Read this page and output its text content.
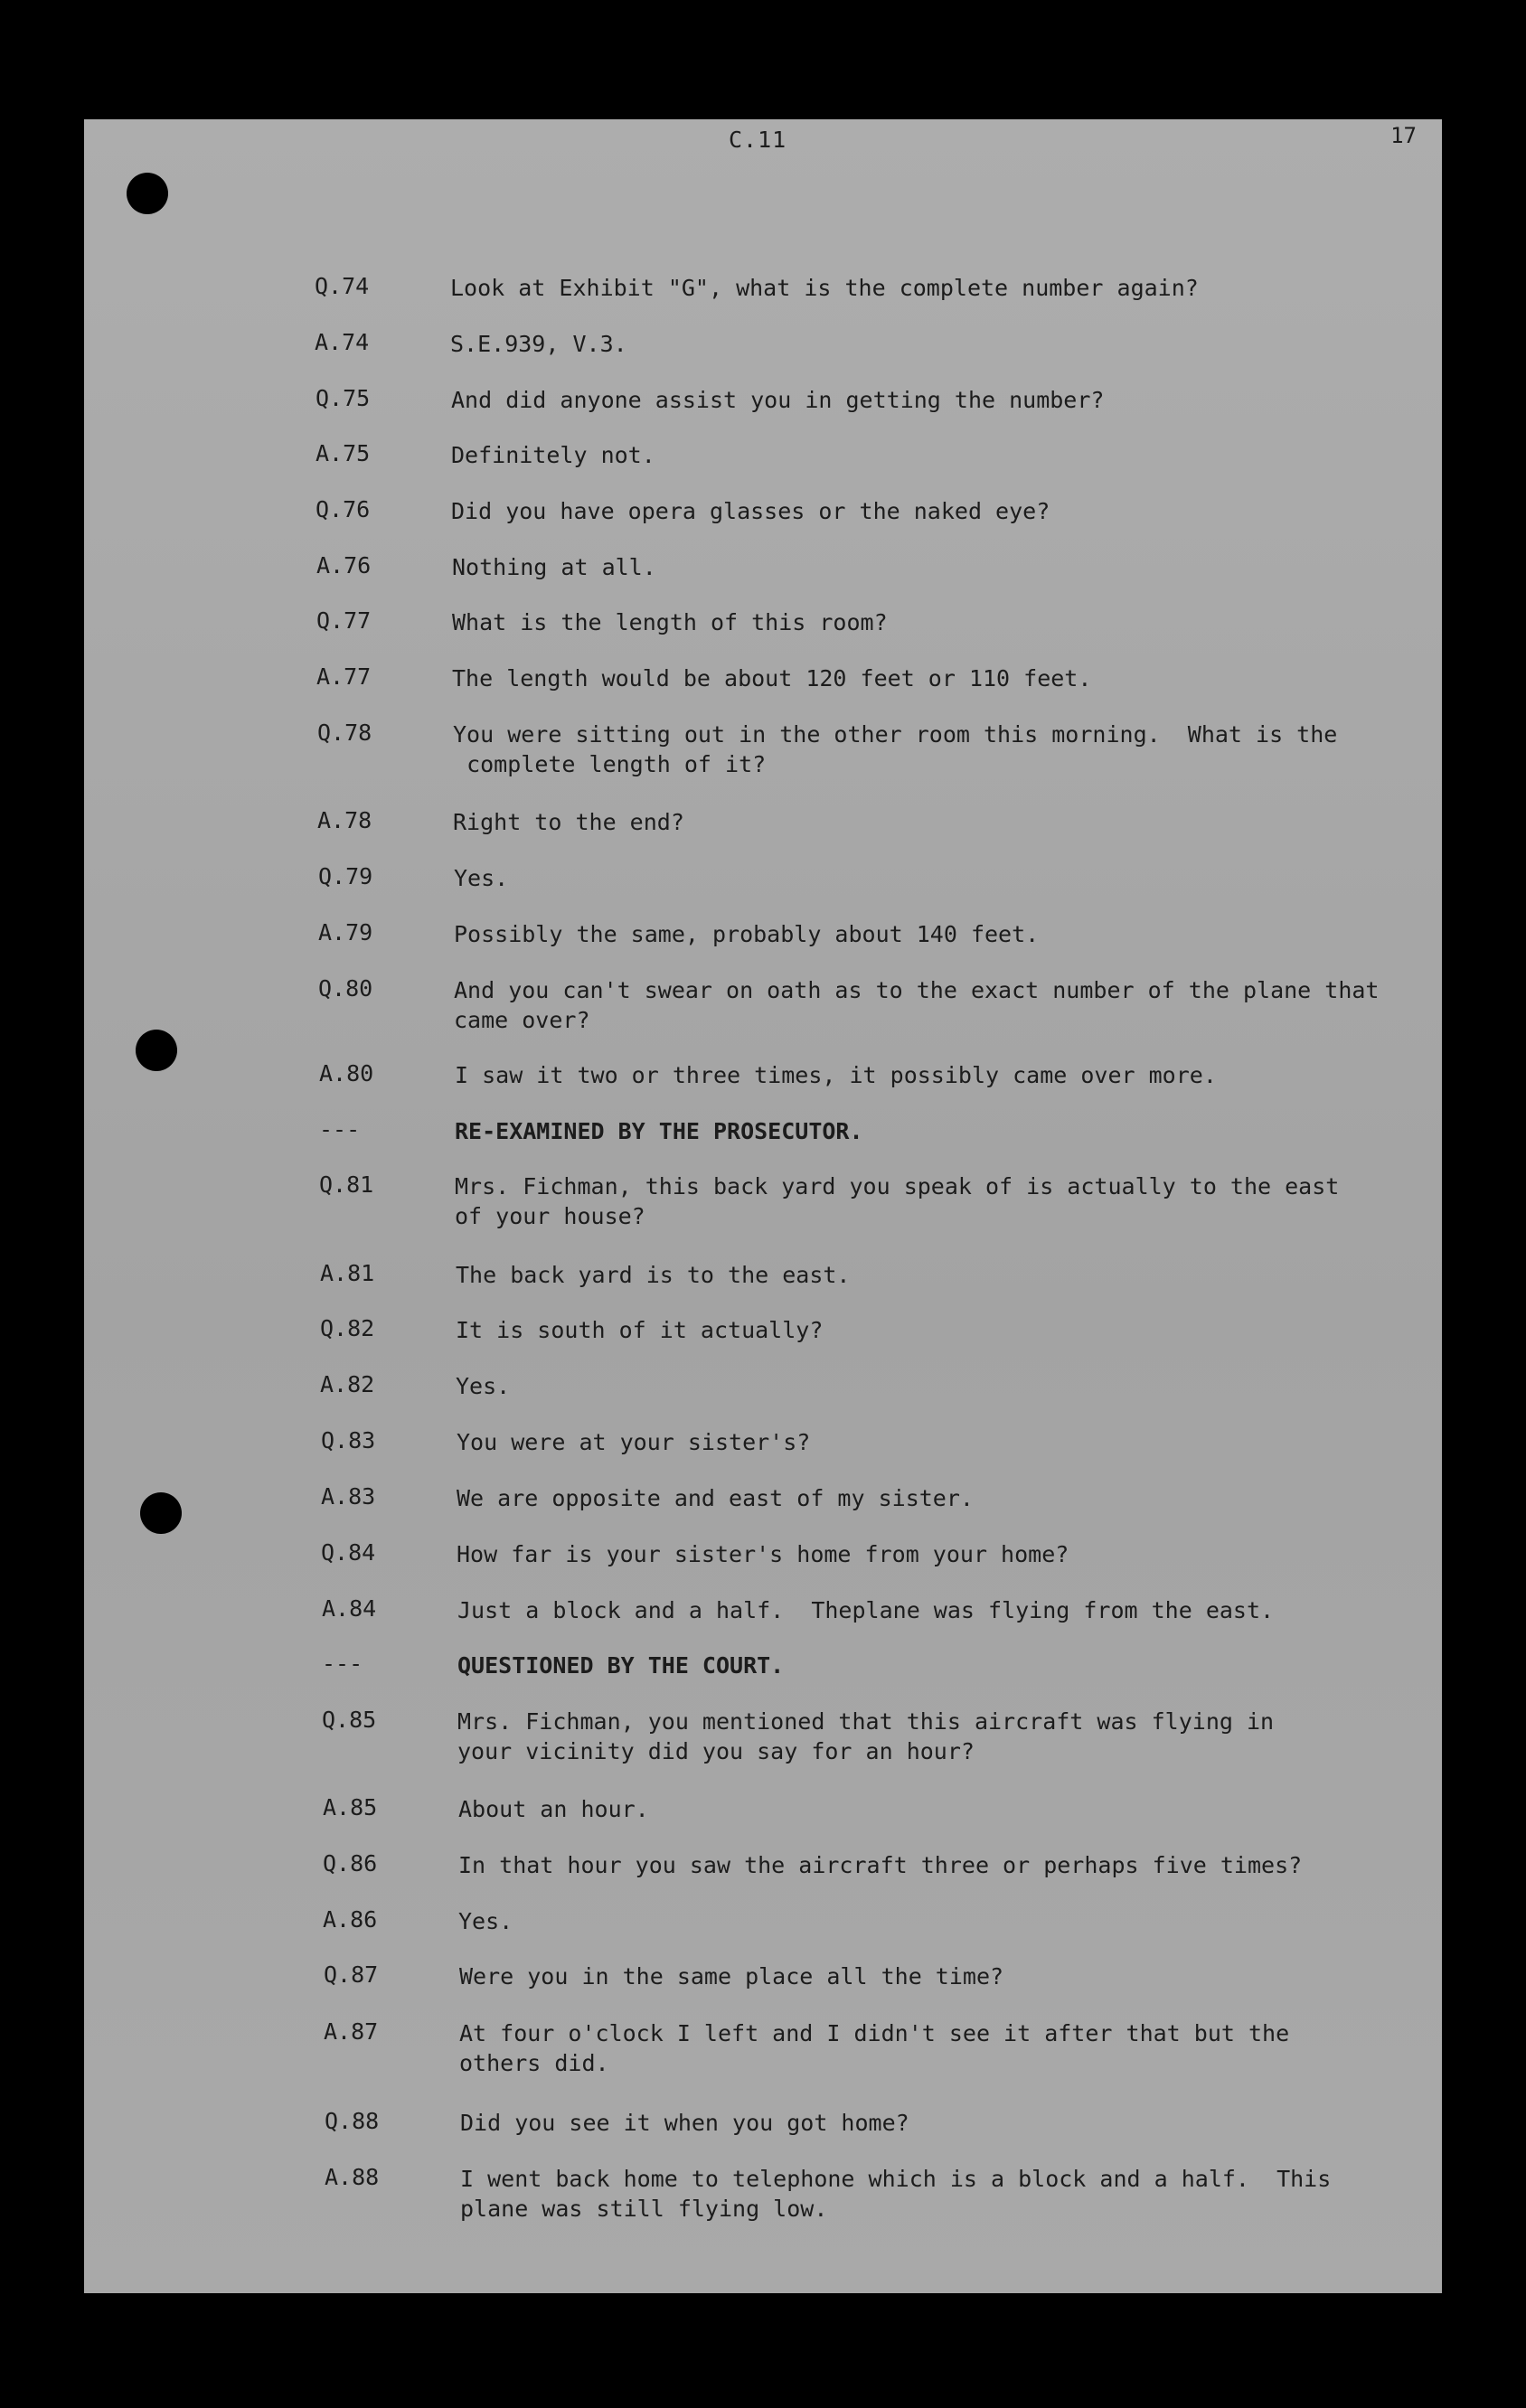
C.11	17
Q.74	Look at Exhibit "G", what is the complete number again?
A.74	S.E.939, V.3.
Q.75	And did anyone assist you in getting the number?
A.75	Definitely not.
Q.76	Did you have opera glasses or the naked eye?
A.76	Nothing at all.
Q.77	What is the length of this room?
A.77	The length would be about 120 feet or 110 feet.
Q.78	You were sitting out in the other room this morning.  What is the
complete length of it?
A.78	Right to the end?
Q.79	Yes.
A.79	Possibly the same, probably about 140 feet.
Q.80	And you can't swear on oath as to the exact number of the plane that
came over?
A.80	I saw it two or three times, it possibly came over more.
---	RE-EXAMINED BY THE PROSECUTOR.
Q.81	Mrs. Fichman, this back yard you speak of is actually to the east
of your house?
A.81	The back yard is to the east.
Q.82	It is south of it actually?
A.82	Yes.
Q.83	You were at your sister's?
A.83	We are opposite and east of my sister.
Q.84	How far is your sister's home from your home?
A.84	Just a block and a half.  Theplane was flying from the east.
---	QUESTIONED BY THE COURT.
Q.85	Mrs. Fichman, you mentioned that this aircraft was flying in
your vicinity did you say for an hour?
A.85	About an hour.
Q.86	In that hour you saw the aircraft three or perhaps five times?
A.86	Yes.
Q.87	Were you in the same place all the time?
A.87	At four o'clock I left and I didn't see it after that but the
others did.
Q.88	Did you see it when you got home?
A.88	I went back home to telephone which is a block and a half.  This
plane was still flying low.
